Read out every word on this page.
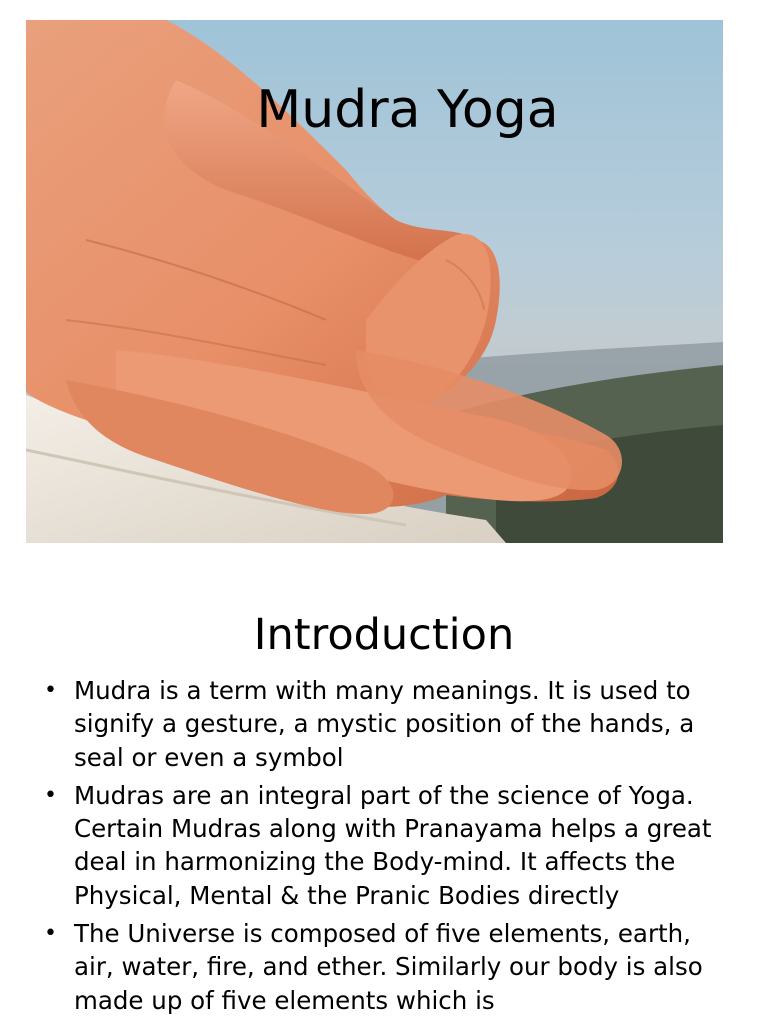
Mudra Yoga
Introduction
• Mudra is a term with many meanings. It is used to signify a gesture, a mystic position of the hands, a seal or even a symbol
• Mudras are an integral part of the science of Yoga. Certain Mudras along with Pranayama helps a great deal in harmonizing the Body-mind. It affects the Physical, Mental & the Pranic Bodies directly
• The Universe is composed of five elements, earth, air, water, fire, and ether. Similarly our body is also made up of five elements which is
